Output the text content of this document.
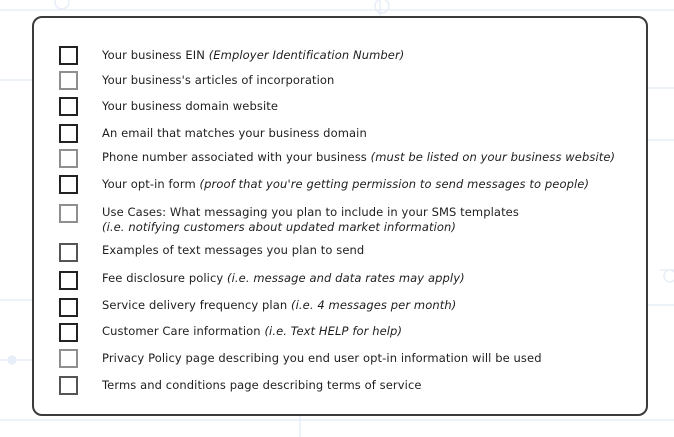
Your business EIN (Employer Identification Number)
Your business's articles of incorporation
Your business domain website
An email that matches your business domain
Phone number associated with your business (must be listed on your business website)
Your opt-in form (proof that you're getting permission to send messages to people)
Use Cases: What messaging you plan to include in your SMS templates
(i.e. notifying customers about updated market information)
Examples of text messages you plan to send
Fee disclosure policy (i.e. message and data rates may apply)
Service delivery frequency plan (i.e. 4 messages per month)
Customer Care information (i.e. Text HELP for help)
Privacy Policy page describing you end user opt-in information will be used
Terms and conditions page describing terms of service
